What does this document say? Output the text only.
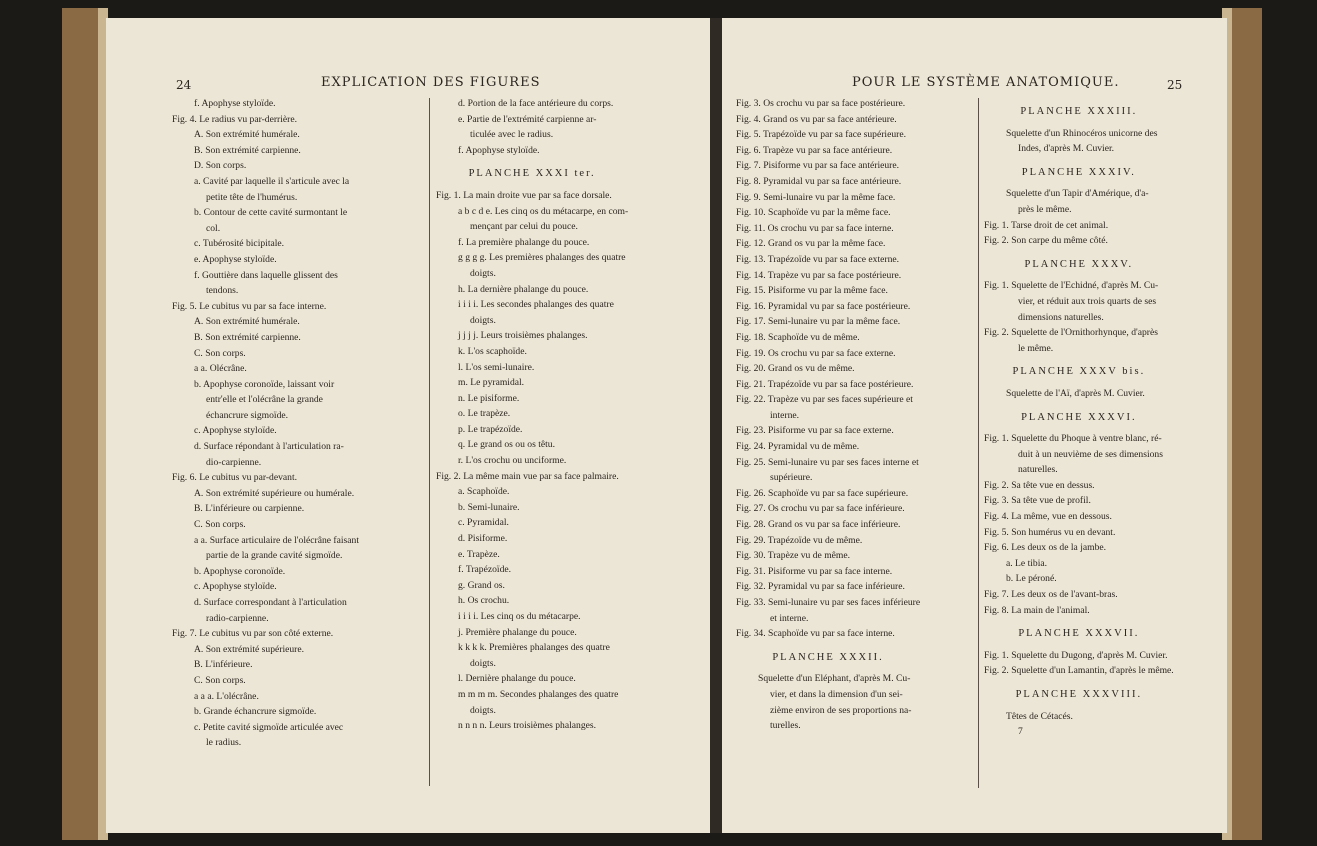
24	EXPLICATION DES FIGURES

f. Apophyse styloïde.

Fig. 4. Le radius vu par-derrière.

A. Son extrémité humérale.

B. Son extrémité carpienne.

D. Son corps.

a. Cavité par laquelle il s'articule avec la

petite tête de l'humérus.

b. Contour de cette cavité surmontant le

col.

c. Tubérosité bicipitale.

e. Apophyse styloïde.

f. Gouttière dans laquelle glissent des

tendons.

Fig. 5. Le cubitus vu par sa face interne.

A. Son extrémité humérale.

B. Son extrémité carpienne.

C. Son corps.

a a. Olécrâne.

b. Apophyse coronoïde, laissant voir

entr'elle et l'olécrâne la grande

échancrure sigmoïde.

c. Apophyse styloïde.

d. Surface répondant à l'articulation ra-

dio-carpienne.

Fig. 6. Le cubitus vu par-devant.

A. Son extrémité supérieure ou humérale.

B. L'inférieure ou carpienne.

C. Son corps.

a a. Surface articulaire de l'olécrâne faisant

partie de la grande cavité sigmoïde.

b. Apophyse coronoïde.

c. Apophyse styloïde.

d. Surface correspondant à l'articulation

radio-carpienne.

Fig. 7. Le cubitus vu par son côté externe.

A. Son extrémité supérieure.

B. L'inférieure.

C. Son corps.

a a a. L'olécrâne.

b. Grande échancrure sigmoïde.

c. Petite cavité sigmoïde articulée avec

le radius.

d. Portion de la face antérieure du corps.

e. Partie de l'extrémité carpienne ar-

ticulée avec le radius.

f. Apophyse styloïde.

PLANCHE XXXI ter.

Fig. 1. La main droite vue par sa face dorsale.

a b c d e. Les cinq os du métacarpe, en com-

mençant par celui du pouce.

f. La première phalange du pouce.

g g g g. Les premières phalanges des quatre

doigts.

h. La dernière phalange du pouce.

i i i i. Les secondes phalanges des quatre

doigts.

j j j j. Leurs troisièmes phalanges.

k. L'os scaphoïde.

l. L'os semi-lunaire.

m. Le pyramidal.

n. Le pisiforme.

o. Le trapèze.

p. Le trapézoïde.

q. Le grand os ou os têtu.

r. L'os crochu ou unciforme.

Fig. 2. La même main vue par sa face palmaire.

a. Scaphoïde.

b. Semi-lunaire.

c. Pyramidal.

d. Pisiforme.

e. Trapèze.

f. Trapézoïde.

g. Grand os.

h. Os crochu.

i i i i. Les cinq os du métacarpe.

j. Première phalange du pouce.

k k k k. Premières phalanges des quatre

doigts.

l. Dernière phalange du pouce.

m m m m. Secondes phalanges des quatre

doigts.

n n n n. Leurs troisièmes phalanges.

POUR LE SYSTÈME ANATOMIQUE.	25

Fig. 3. Os crochu vu par sa face postérieure.

Fig. 4. Grand os vu par sa face antérieure.

Fig. 5. Trapézoïde vu par sa face supérieure.

Fig. 6. Trapèze vu par sa face antérieure.

Fig. 7. Pisiforme vu par sa face antérieure.

Fig. 8. Pyramidal vu par sa face antérieure.

Fig. 9. Semi-lunaire vu par la même face.

Fig. 10. Scaphoïde vu par la même face.

Fig. 11. Os crochu vu par sa face interne.

Fig. 12. Grand os vu par la même face.

Fig. 13. Trapézoïde vu par sa face externe.

Fig. 14. Trapèze vu par sa face postérieure.

Fig. 15. Pisiforme vu par la même face.

Fig. 16. Pyramidal vu par sa face postérieure.

Fig. 17. Semi-lunaire vu par la même face.

Fig. 18. Scaphoïde vu de même.

Fig. 19. Os crochu vu par sa face externe.

Fig. 20. Grand os vu de même.

Fig. 21. Trapézoïde vu par sa face postérieure.

Fig. 22. Trapèze vu par ses faces supérieure et

interne.

Fig. 23. Pisiforme vu par sa face externe.

Fig. 24. Pyramidal vu de même.

Fig. 25. Semi-lunaire vu par ses faces interne et

supérieure.

Fig. 26. Scaphoïde vu par sa face supérieure.

Fig. 27. Os crochu vu par sa face inférieure.

Fig. 28. Grand os vu par sa face inférieure.

Fig. 29. Trapézoïde vu de même.

Fig. 30. Trapèze vu de même.

Fig. 31. Pisiforme vu par sa face interne.

Fig. 32. Pyramidal vu par sa face inférieure.

Fig. 33. Semi-lunaire vu par ses faces inférieure

et interne.

Fig. 34. Scaphoïde vu par sa face interne.

PLANCHE XXXII.

Squelette d'un Eléphant, d'après M. Cu-

vier, et dans la dimension d'un sei-

zième environ de ses proportions na-

turelles.

PLANCHE XXXIII.

Squelette d'un Rhinocéros unicorne des

Indes, d'après M. Cuvier.

PLANCHE XXXIV.

Squelette d'un Tapir d'Amérique, d'a-

près le même.

Fig. 1. Tarse droit de cet animal.

Fig. 2. Son carpe du même côté.

PLANCHE XXXV.

Fig. 1. Squelette de l'Echidné, d'après M. Cu-

vier, et réduit aux trois quarts de ses

dimensions naturelles.

Fig. 2. Squelette de l'Ornithorhynque, d'après

le même.

PLANCHE XXXV bis.

Squelette de l'Aï, d'après M. Cuvier.

PLANCHE XXXVI.

Fig. 1. Squelette du Phoque à ventre blanc, ré-

duit à un neuvième de ses dimensions

naturelles.

Fig. 2. Sa tête vue en dessus.

Fig. 3. Sa tête vue de profil.

Fig. 4. La même, vue en dessous.

Fig. 5. Son humérus vu en devant.

Fig. 6. Les deux os de la jambe.

a. Le tibia.

b. Le péroné.

Fig. 7. Les deux os de l'avant-bras.

Fig. 8. La main de l'animal.

PLANCHE XXXVII.

Fig. 1. Squelette du Dugong, d'après M. Cuvier.

Fig. 2. Squelette d'un Lamantin, d'après le même.

PLANCHE XXXVIII.

Têtes de Cétacés.

7
